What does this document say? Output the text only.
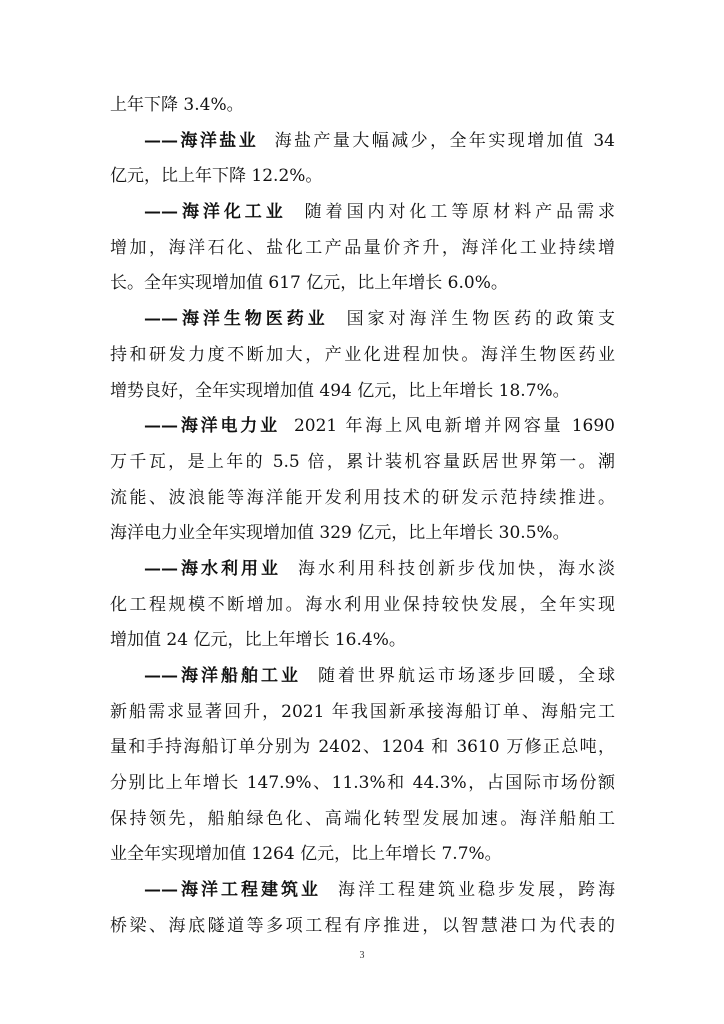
上年下降 3.4%。
——海洋盐业 海盐产量大幅减少，全年实现增加值 34
亿元，比上年下降 12.2%。
——海洋化工业 随着国内对化工等原材料产品需求
增加，海洋石化、盐化工产品量价齐升，海洋化工业持续增
长。全年实现增加值 617 亿元，比上年增长 6.0%。
——海洋生物医药业 国家对海洋生物医药的政策支
持和研发力度不断加大，产业化进程加快。海洋生物医药业
增势良好，全年实现增加值 494 亿元，比上年增长 18.7%。
——海洋电力业 2021 年海上风电新增并网容量 1690
万千瓦，是上年的 5.5 倍，累计装机容量跃居世界第一。潮
流能、波浪能等海洋能开发利用技术的研发示范持续推进。
海洋电力业全年实现增加值 329 亿元，比上年增长 30.5%。
——海水利用业 海水利用科技创新步伐加快，海水淡
化工程规模不断增加。海水利用业保持较快发展，全年实现
增加值 24 亿元，比上年增长 16.4%。
——海洋船舶工业 随着世界航运市场逐步回暖，全球
新船需求显著回升，2021 年我国新承接海船订单、海船完工
量和手持海船订单分别为 2402、1204 和 3610 万修正总吨，
分别比上年增长 147.9%、11.3%和 44.3%，占国际市场份额
保持领先，船舶绿色化、高端化转型发展加速。海洋船舶工
业全年实现增加值 1264 亿元，比上年增长 7.7%。
——海洋工程建筑业 海洋工程建筑业稳步发展，跨海
桥梁、海底隧道等多项工程有序推进，以智慧港口为代表的
3
